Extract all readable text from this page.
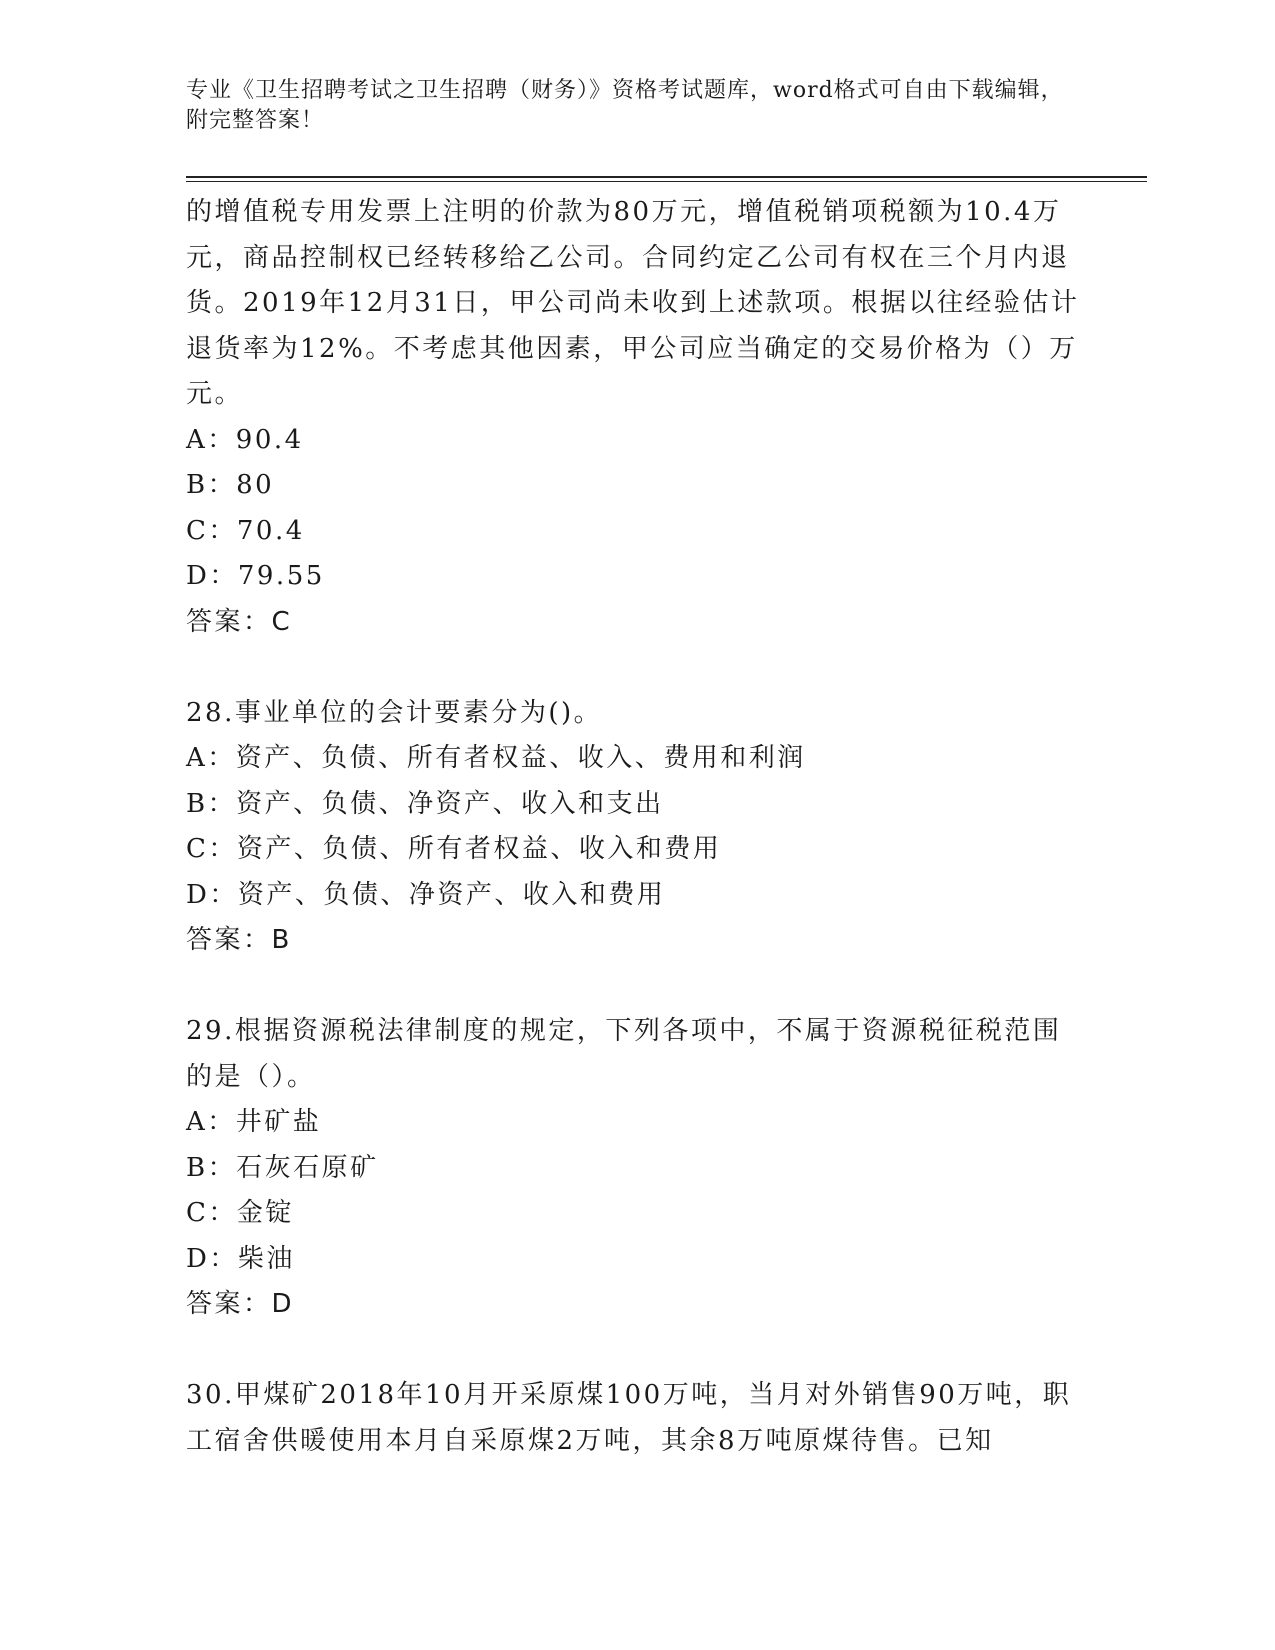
专业《卫生招聘考试之卫生招聘（财务）》资格考试题库，word格式可自由下载编辑，附完整答案！

的增值税专用发票上注明的价款为80万元，增值税销项税额为10.4万元，商品控制权已经转移给乙公司。合同约定乙公司有权在三个月内退货。2019年12月31日，甲公司尚未收到上述款项。根据以往经验估计退货率为12%。不考虑其他因素，甲公司应当确定的交易价格为（）万元。

A：90.4

B：80

C：70.4

D：79.55

答案：C

28.事业单位的会计要素分为()。

A：资产、负债、所有者权益、收入、费用和利润

B：资产、负债、净资产、收入和支出

C：资产、负债、所有者权益、收入和费用

D：资产、负债、净资产、收入和费用

答案：B

29.根据资源税法律制度的规定，下列各项中，不属于资源税征税范围的是（）。

A：井矿盐

B：石灰石原矿

C：金锭

D：柴油

答案：D

30.甲煤矿2018年10月开采原煤100万吨，当月对外销售90万吨，职工宿舍供暖使用本月自采原煤2万吨，其余8万吨原煤待售。已知
